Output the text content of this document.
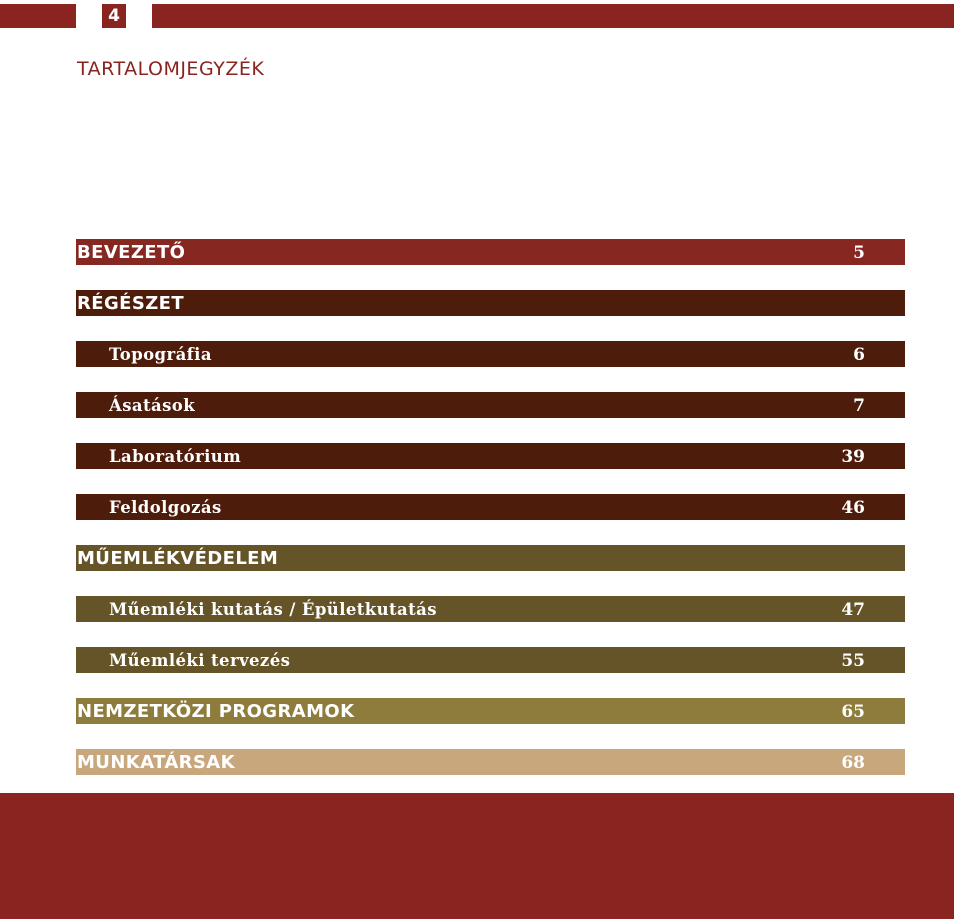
4
TARTALOMJEGYZÉK
BEVEZETŐ	5
RÉGÉSZET
Topográfia	6
Ásatások	7
Laboratórium	39
Feldolgozás	46
MŰEMLÉKVÉDELEM
Műemléki kutatás / Épületkutatás	47
Műemléki tervezés	55
NEMZETKÖZI PROGRAMOK	65
MUNKATÁRSAK	68
